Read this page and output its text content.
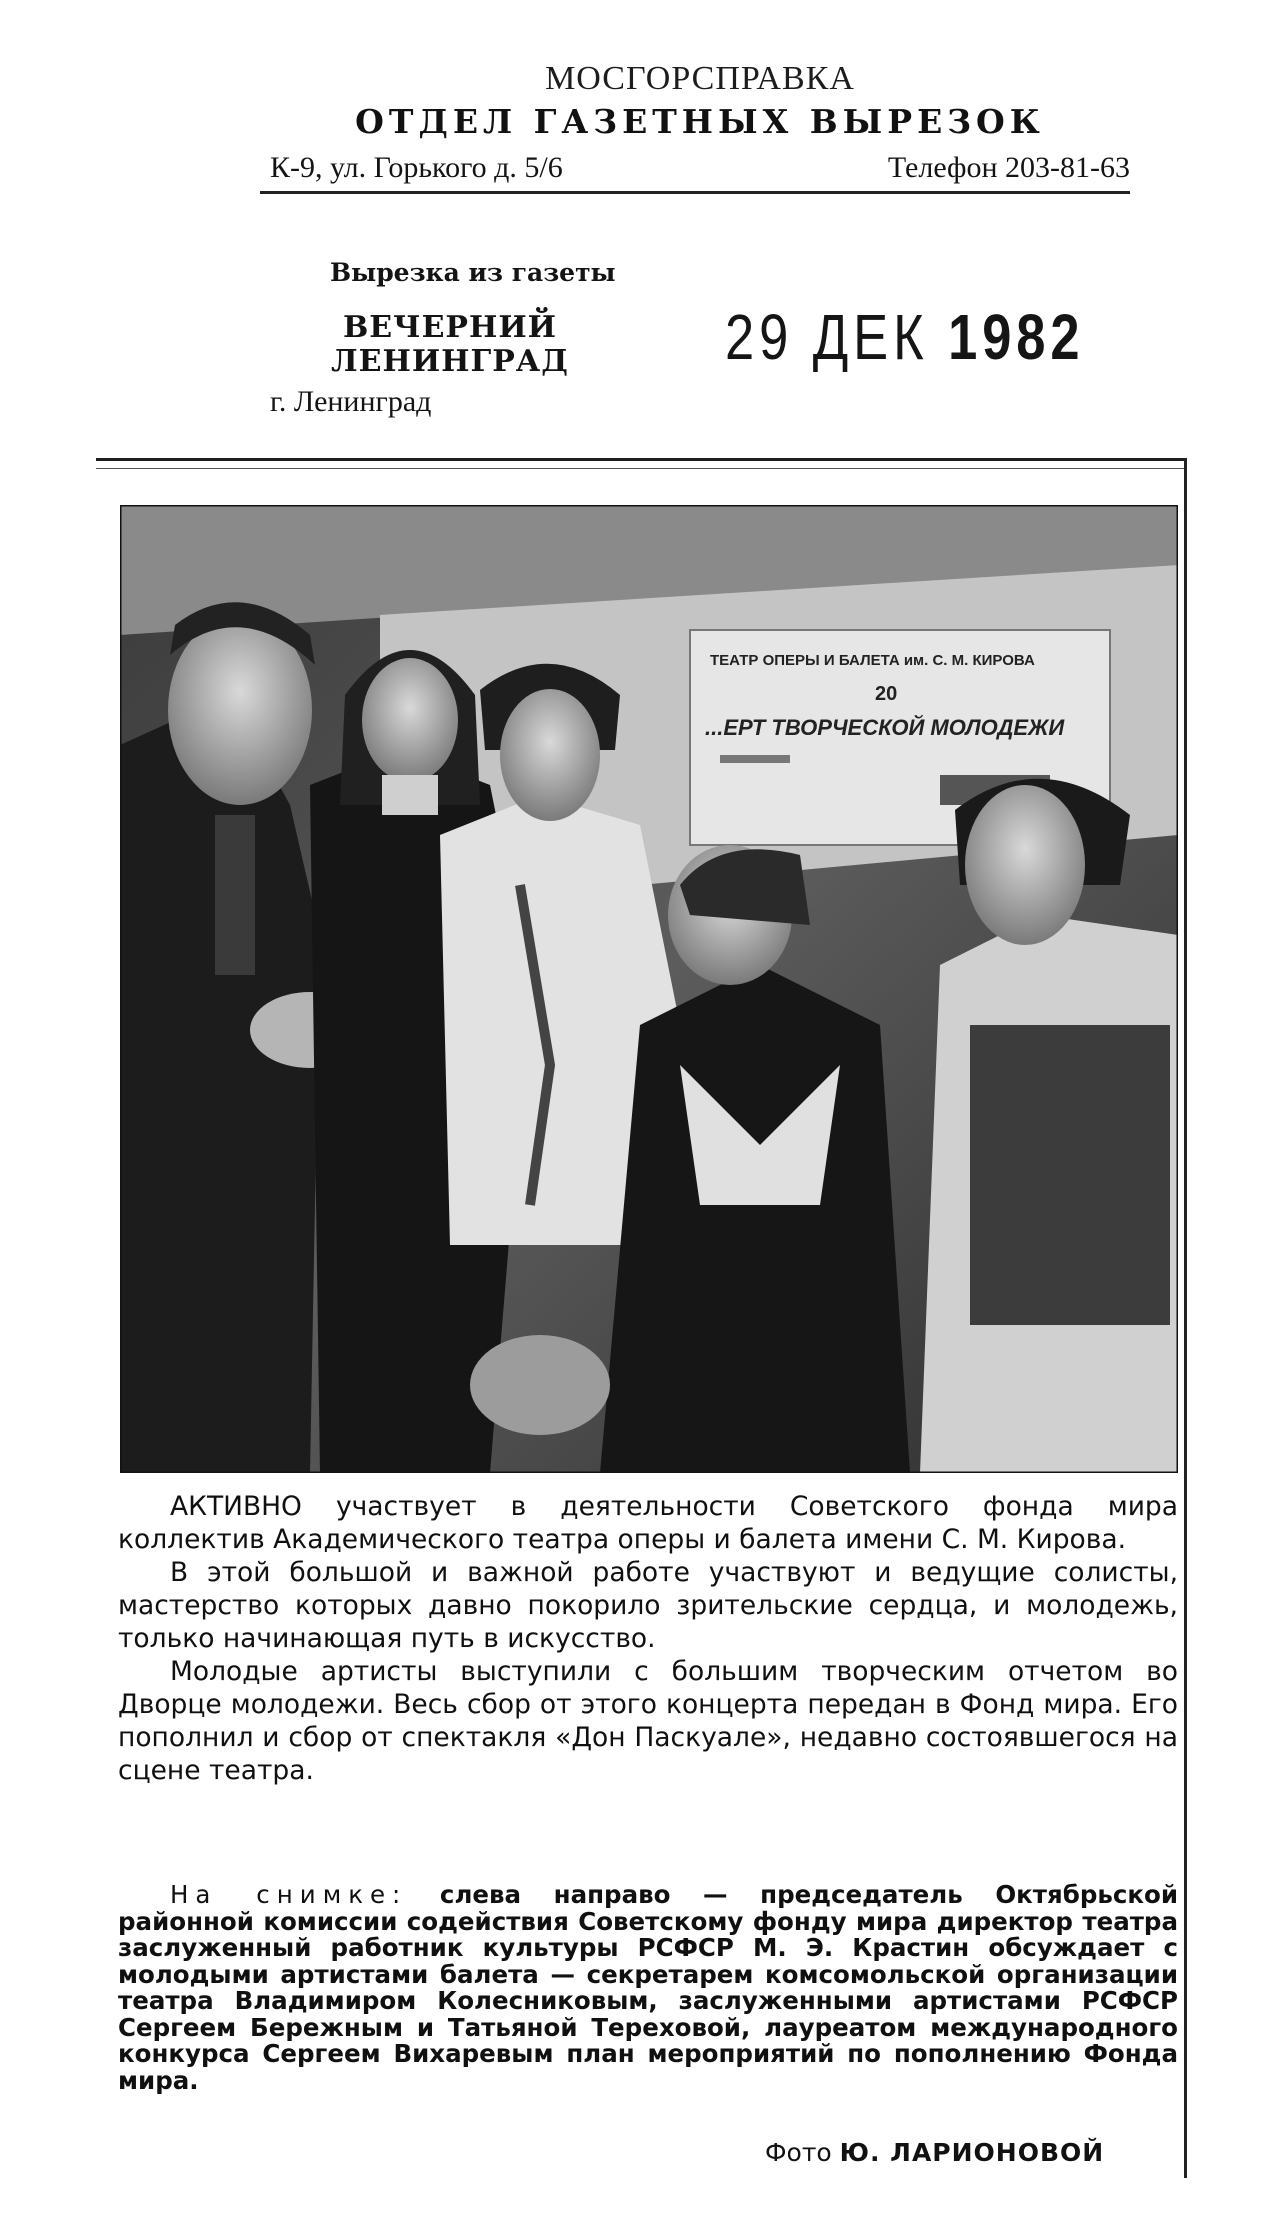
МОСГОРСПРАВКА
ОТДЕЛ ГАЗЕТНЫХ ВЫРЕЗОК
К-9, ул. Горького д. 5/6	Телефон 203-81-63
Вырезка из газеты
ВЕЧЕРНИЙ
ЛЕНИНГРАД
г. Ленинград
29 ДЕК 1982
ТЕАТР ОПЕРЫ И БАЛЕТА им. С. М. КИРОВА
20
...ЕРТ ТВОРЧЕСКОЙ МОЛОДЕЖИ

АКТИВНО участвует в деятельности Советского фонда мира коллектив Академического театра оперы и балета имени С. М. Кирова.

В этой большой и важной работе участвуют и ведущие солисты, мастерство которых давно покорило зрительские сердца, и молодежь, только начинающая путь в искусство.

Молодые артисты выступили с большим творческим отчетом во Дворце молодежи. Весь сбор от этого концерта передан в Фонд мира. Его пополнил и сбор от спектакля «Дон Паскуале», недавно состоявшегося на сцене театра.

На снимке: слева направо — председатель Октябрьской районной комиссии содействия Советскому фонду мира директор театра заслуженный работник культуры РСФСР М. Э. Крастин обсуждает с молодыми артистами балета — секретарем комсомольской организации театра Владимиром Колесниковым, заслуженными артистами РСФСР Сергеем Бережным и Татьяной Тереховой, лауреатом международного конкурса Сергеем Вихаревым план мероприятий по пополнению Фонда мира.

Фото Ю. ЛАРИОНОВОЙ
